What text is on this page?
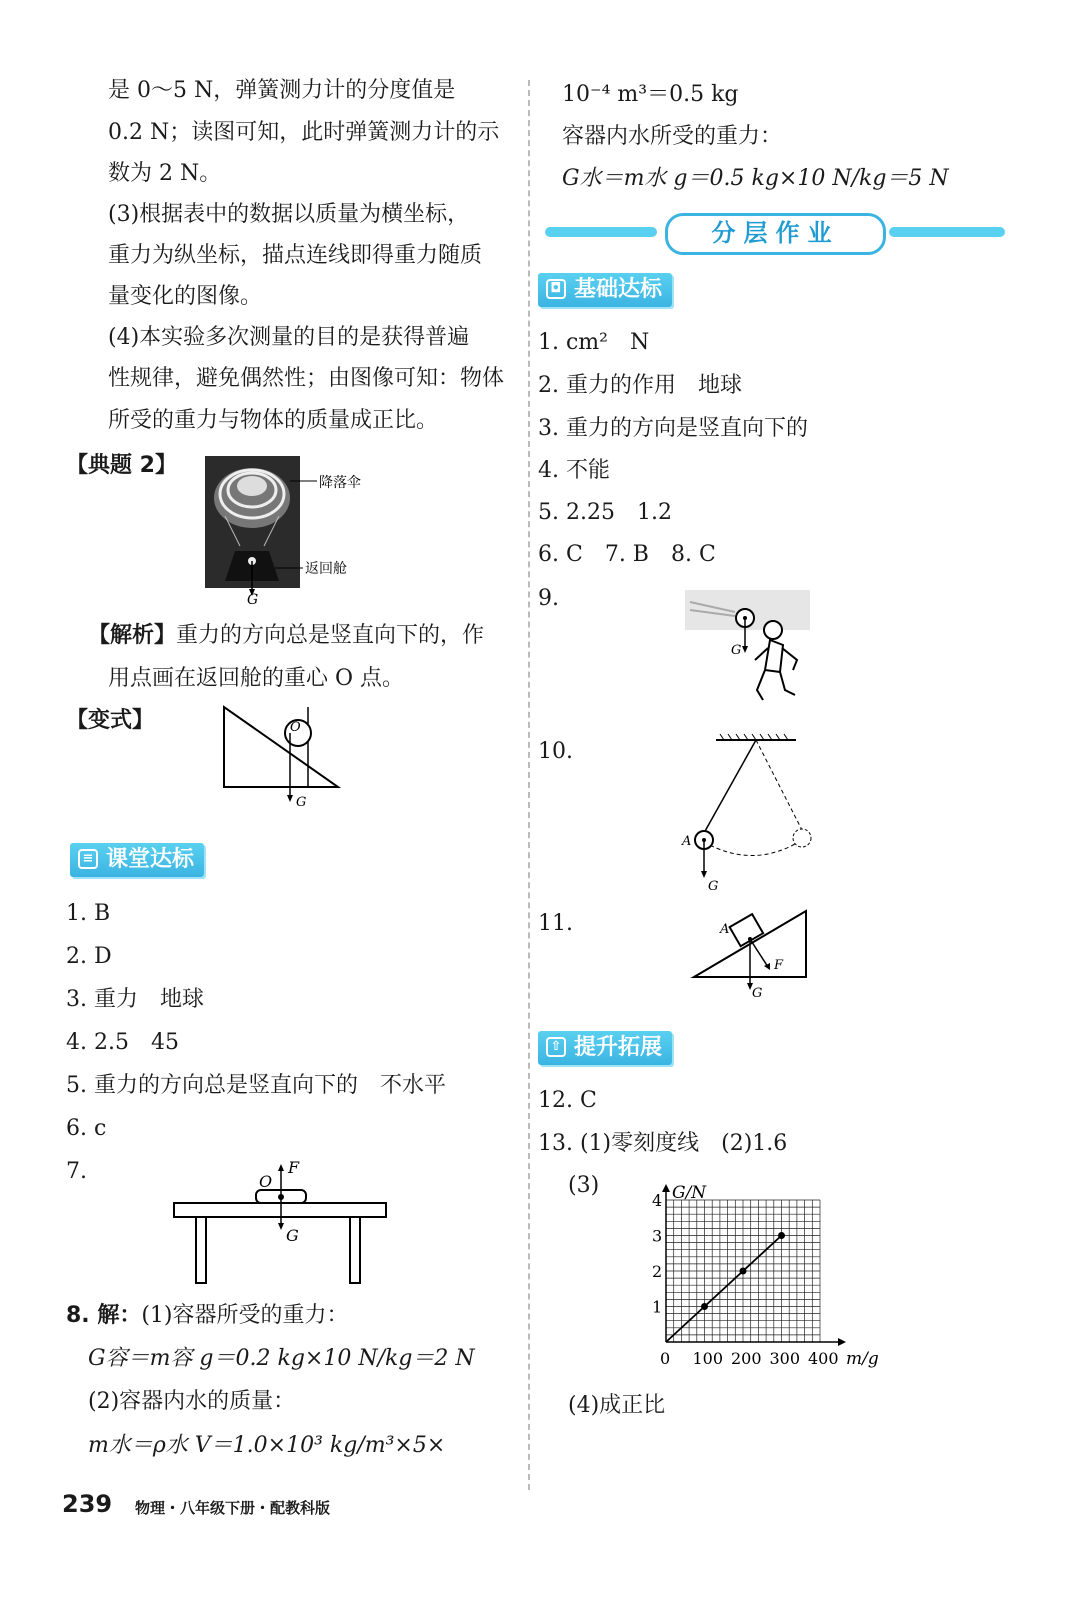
是 0～5 N，弹簧测力计的分度值是
0.2 N；读图可知，此时弹簧测力计的示
数为 2 N。
(3)根据表中的数据以质量为横坐标，
重力为纵坐标，描点连线即得重力随质
量变化的图像。
(4)本实验多次测量的目的是获得普遍
性规律，避免偶然性；由图像可知：物体
所受的重力与物体的质量成正比。
【典题 2】
降落伞
返回舱
G
【解析】重力的方向总是竖直向下的，作
用点画在返回舱的重心 O 点。
【变式】	O
G
≡ 课堂达标
1. B
2. D
3. 重力　地球
4. 2.5　45
5. 重力的方向总是竖直向下的　不水平
6. c
7.	O
F
G
8. 解：(1)容器所受的重力：
G容＝m容 g＝0.2 kg×10 N/kg＝2 N
(2)容器内水的质量：
m水＝ρ水 V＝1.0×10³ kg/m³×5×
10⁻⁴ m³＝0.5 kg
容器内水所受的重力：
G水＝m水 g＝0.5 kg×10 N/kg＝5 N
分层作业
◘ 基础达标
1. cm²　N
2. 重力的作用　地球
3. 重力的方向是竖直向下的
4. 不能
5. 2.25　1.2
6. C　7. B　8. C
9.
G
10.
A
G
11.	A
F
G
⇧ 提升拓展
12. C
13. (1)零刻度线　(2)1.6
(3)	G/N
m/g
0 100 200 300 400
1
2
3
4
(4)成正比
239 物理・八年级下册・配教科版
